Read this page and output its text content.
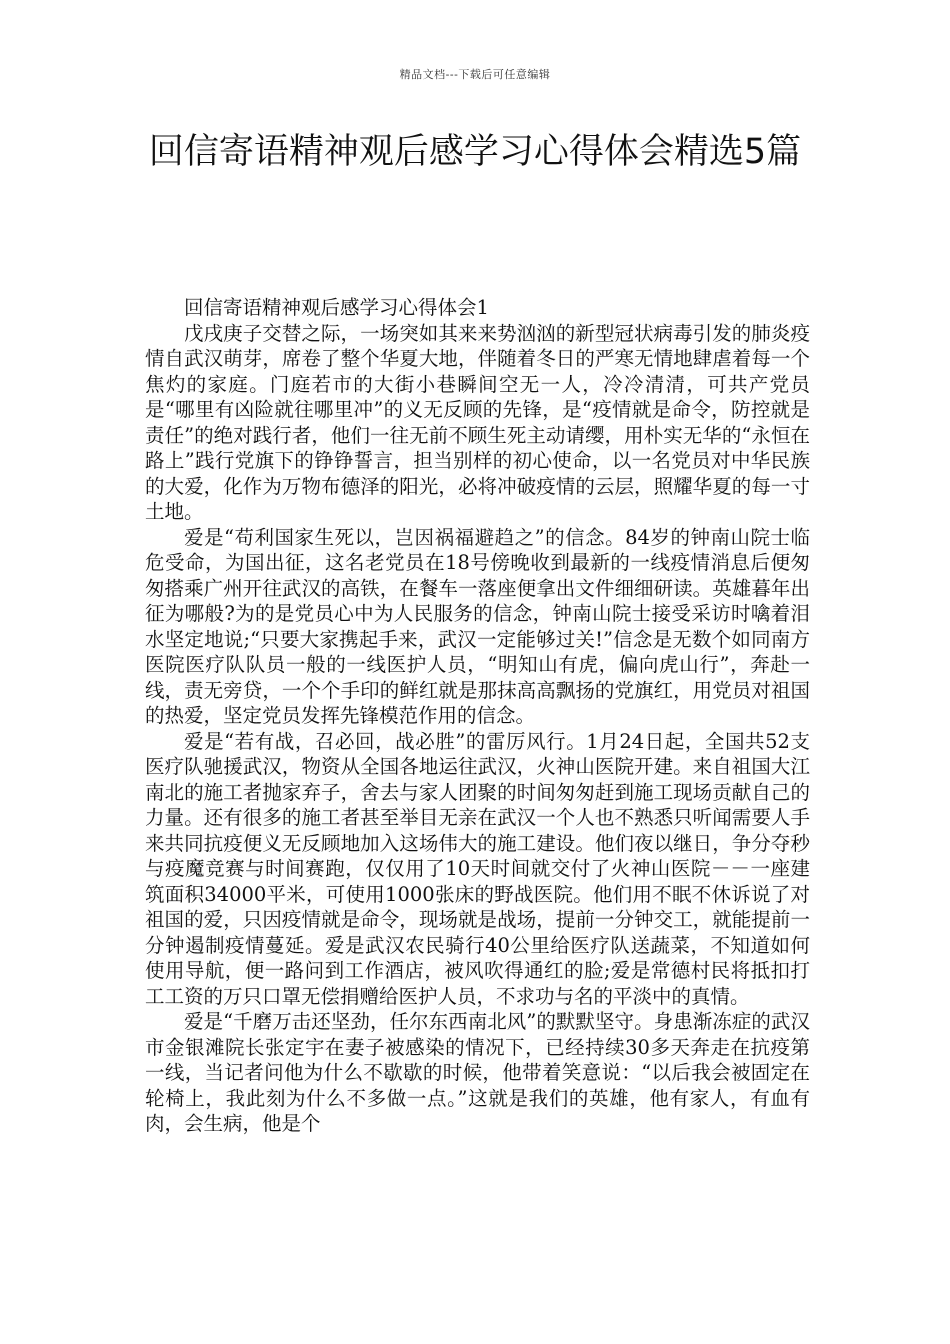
精品文档---下载后可任意编辑
回信寄语精神观后感学习心得体会精选5篇
回信寄语精神观后感学习心得体会1

戊戌庚子交替之际，一场突如其来来势汹汹的新型冠状病毒引发的肺炎疫情自武汉萌芽，席卷了整个华夏大地，伴随着冬日的严寒无情地肆虐着每一个焦灼的家庭。门庭若市的大街小巷瞬间空无一人，冷冷清清，可共产党员是“哪里有凶险就往哪里冲”的义无反顾的先锋，是“疫情就是命令，防控就是责任”的绝对践行者，他们一往无前不顾生死主动请缨，用朴实无华的“永恒在路上”践行党旗下的铮铮誓言，担当别样的初心使命，以一名党员对中华民族的大爱，化作为万物布德泽的阳光，必将冲破疫情的云层，照耀华夏的每一寸土地。

爱是“苟利国家生死以，岂因祸福避趋之”的信念。84岁的钟南山院士临危受命，为国出征，这名老党员在18号傍晚收到最新的一线疫情消息后便匆匆搭乘广州开往武汉的高铁，在餐车一落座便拿出文件细细研读。英雄暮年出征为哪般?为的是党员心中为人民服务的信念，钟南山院士接受采访时噙着泪水坚定地说;“只要大家携起手来，武汉一定能够过关!”信念是无数个如同南方医院医疗队队员一般的一线医护人员，“明知山有虎，偏向虎山行”，奔赴一线，责无旁贷，一个个手印的鲜红就是那抹高高飘扬的党旗红，用党员对祖国的热爱，坚定党员发挥先锋模范作用的信念。

爱是“若有战，召必回，战必胜”的雷厉风行。1月24日起，全国共52支医疗队驰援武汉，物资从全国各地运往武汉，火神山医院开建。来自祖国大江南北的施工者抛家弃子，舍去与家人团聚的时间匆匆赶到施工现场贡献自己的力量。还有很多的施工者甚至举目无亲在武汉一个人也不熟悉只听闻需要人手来共同抗疫便义无反顾地加入这场伟大的施工建设。他们夜以继日，争分夺秒与疫魔竞赛与时间赛跑，仅仅用了10天时间就交付了火神山医院－－一座建筑面积34000平米，可使用1000张床的野战医院。他们用不眠不休诉说了对祖国的爱，只因疫情就是命令，现场就是战场，提前一分钟交工，就能提前一分钟遏制疫情蔓延。爱是武汉农民骑行40公里给医疗队送蔬菜，不知道如何使用导航，便一路问到工作酒店，被风吹得通红的脸;爱是常德村民将抵扣打工工资的万只口罩无偿捐赠给医护人员，不求功与名的平淡中的真情。

爱是“千磨万击还坚劲，任尔东西南北风”的默默坚守。身患渐冻症的武汉市金银滩院长张定宇在妻子被感染的情况下，已经持续30多天奔走在抗疫第一线，当记者问他为什么不歇歇的时候，他带着笑意说：“以后我会被固定在轮椅上，我此刻为什么不多做一点。”这就是我们的英雄，他有家人，有血有肉，会生病，他是个
